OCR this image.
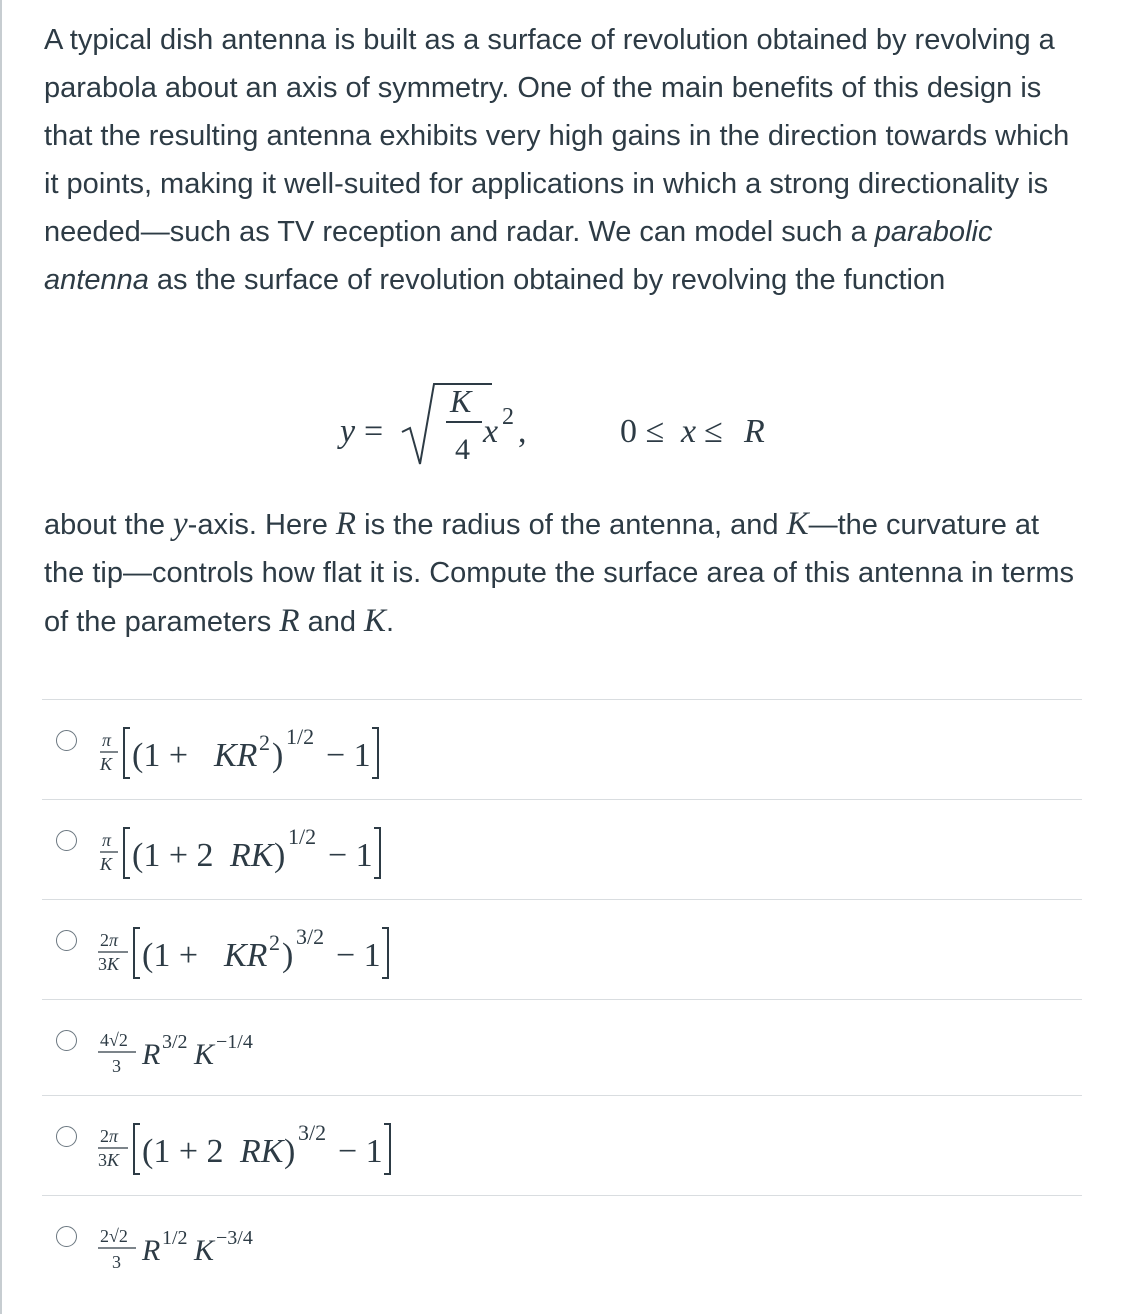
A typical dish antenna is built as a surface of revolution obtained by revolving a parabola about an axis of symmetry. One of the main benefits of this design is that the resulting antenna exhibits very high gains in the direction towards which it points, making it well-suited for applications in which a strong directionality is needed—such as TV reception and radar. We can model such a parabolic antenna as the surface of revolution obtained by revolving the function

y =
K
4 x 2 ,	0 ≤ x ≤ R
about the y-axis. Here R is the radius of the antenna, and K—the curvature at the tip—controls how flat it is. Compute the surface area of this antenna in terms of the parameters R and K.
π
K (1 + KR 2 )
1/2
− 1
π
K (1 + 2 RK )
1/2
− 1
2π
3K (1 + KR 2 )
3/2
− 1
4√2
3 R 3/2 K −1/4
2π
3K (1 + 2 RK )
3/2
− 1
2√2
3 R 1/2 K −3/4
